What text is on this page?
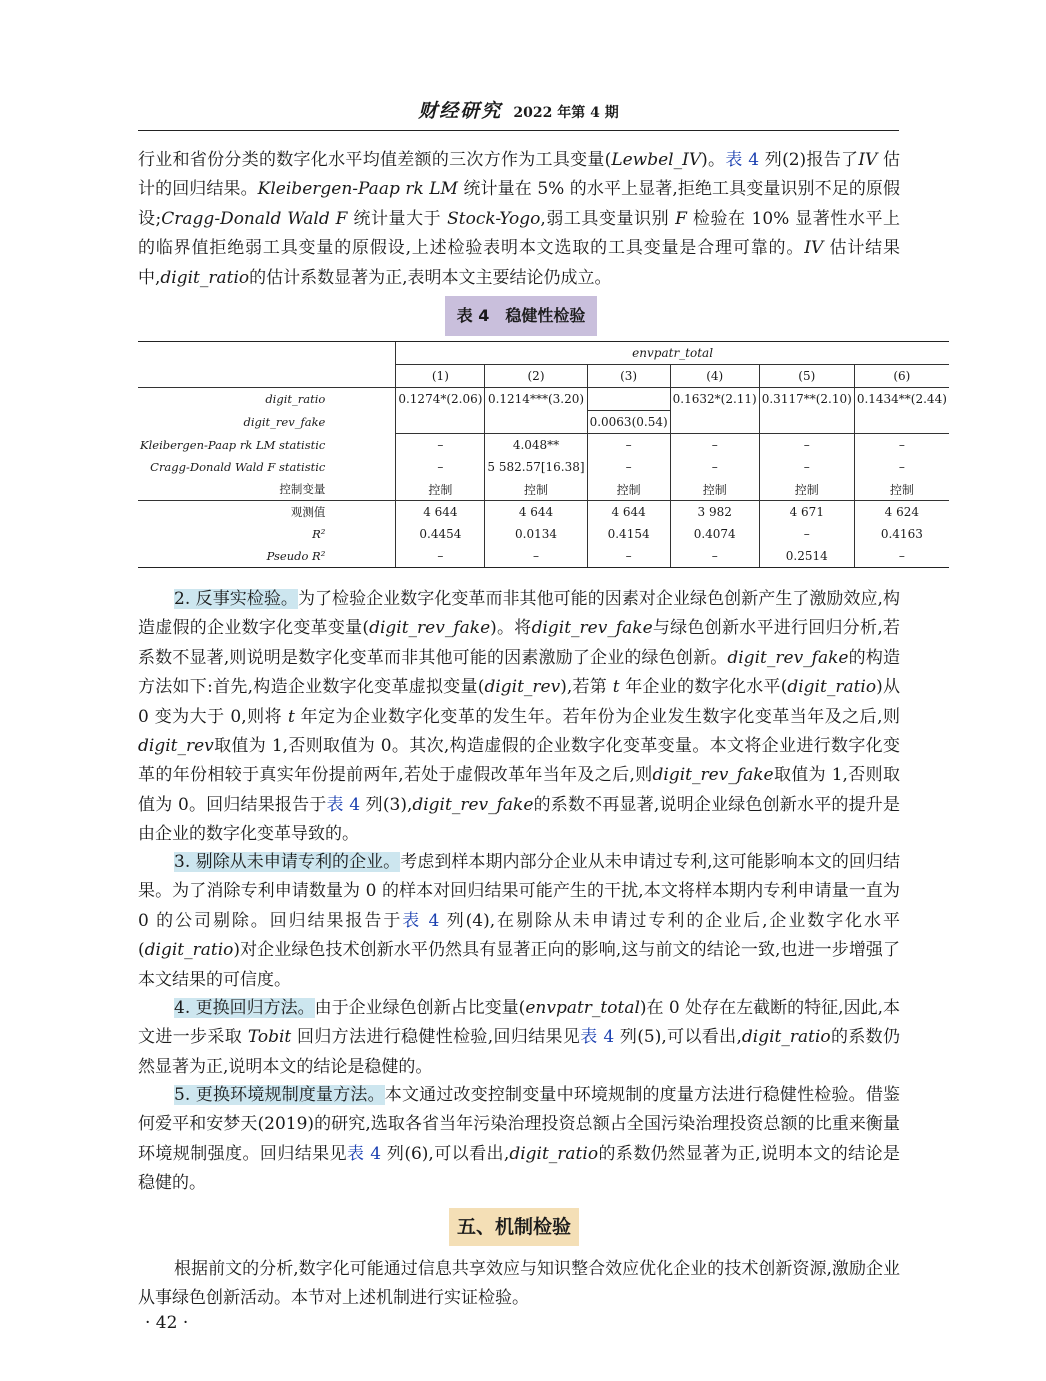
财经研究 2022 年第 4 期

行业和省份分类的数字化水平均值差额的三次方作为工具变量(Lewbel_IV)。表 4 列(2)报告了IV 估计的回归结果。Kleibergen-Paap rk LM 统计量在 5% 的水平上显著,拒绝工具变量识别不足的原假设;Cragg-Donald Wald F 统计量大于 Stock-Yogo,弱工具变量识别 F 检验在 10% 显著性水平上的临界值拒绝弱工具变量的原假设,上述检验表明本文选取的工具变量是合理可靠的。IV 估计结果中,digit_ratio的估计系数显著为正,表明本文主要结论仍成立。

表 4　稳健性检验
	envpatr_total					
	(1)	(2)	(3)	(4)	(5)	(6)
digit_ratio	0.1274*(2.06)	0.1214***(3.20)		0.1632*(2.11)	0.3117**(2.10)	0.1434**(2.44)
digit_rev_fake			0.0063(0.54)			
Kleibergen-Paap rk LM statistic	–	4.048**	–	–	–	–
Cragg-Donald Wald F statistic	–	5 582.57[16.38]	–	–	–	–
控制变量	控制	控制	控制	控制	控制	控制
观测值	4 644	4 644	4 644	3 982	4 671	4 624
R²	0.4454	0.0134	0.4154	0.4074	–	0.4163
Pseudo R²	–	–	–	–	0.2514	–

2. 反事实检验。为了检验企业数字化变革而非其他可能的因素对企业绿色创新产生了激励效应,构造虚假的企业数字化变革变量(digit_rev_fake)。将digit_rev_fake与绿色创新水平进行回归分析,若系数不显著,则说明是数字化变革而非其他可能的因素激励了企业的绿色创新。digit_rev_fake的构造方法如下:首先,构造企业数字化变革虚拟变量(digit_rev),若第 t 年企业的数字化水平(digit_ratio)从 0 变为大于 0,则将 t 年定为企业数字化变革的发生年。若年份为企业发生数字化变革当年及之后,则digit_rev取值为 1,否则取值为 0。其次,构造虚假的企业数字化变革变量。本文将企业进行数字化变革的年份相较于真实年份提前两年,若处于虚假改革年当年及之后,则digit_rev_fake取值为 1,否则取值为 0。回归结果报告于表 4 列(3),digit_rev_fake的系数不再显著,说明企业绿色创新水平的提升是由企业的数字化变革导致的。

3. 剔除从未申请专利的企业。考虑到样本期内部分企业从未申请过专利,这可能影响本文的回归结果。为了消除专利申请数量为 0 的样本对回归结果可能产生的干扰,本文将样本期内专利申请量一直为 0 的公司剔除。回归结果报告于表 4 列(4),在剔除从未申请过专利的企业后,企业数字化水平(digit_ratio)对企业绿色技术创新水平仍然具有显著正向的影响,这与前文的结论一致,也进一步增强了本文结果的可信度。

4. 更换回归方法。由于企业绿色创新占比变量(envpatr_total)在 0 处存在左截断的特征,因此,本文进一步采取 Tobit 回归方法进行稳健性检验,回归结果见表 4 列(5),可以看出,digit_ratio的系数仍然显著为正,说明本文的结论是稳健的。

5. 更换环境规制度量方法。本文通过改变控制变量中环境规制的度量方法进行稳健性检验。借鉴何爱平和安梦天(2019)的研究,选取各省当年污染治理投资总额占全国污染治理投资总额的比重来衡量环境规制强度。回归结果见表 4 列(6),可以看出,digit_ratio的系数仍然显著为正,说明本文的结论是稳健的。

五、机制检验

根据前文的分析,数字化可能通过信息共享效应与知识整合效应优化企业的技术创新资源,激励企业从事绿色创新活动。本节对上述机制进行实证检验。

· 42 ·
